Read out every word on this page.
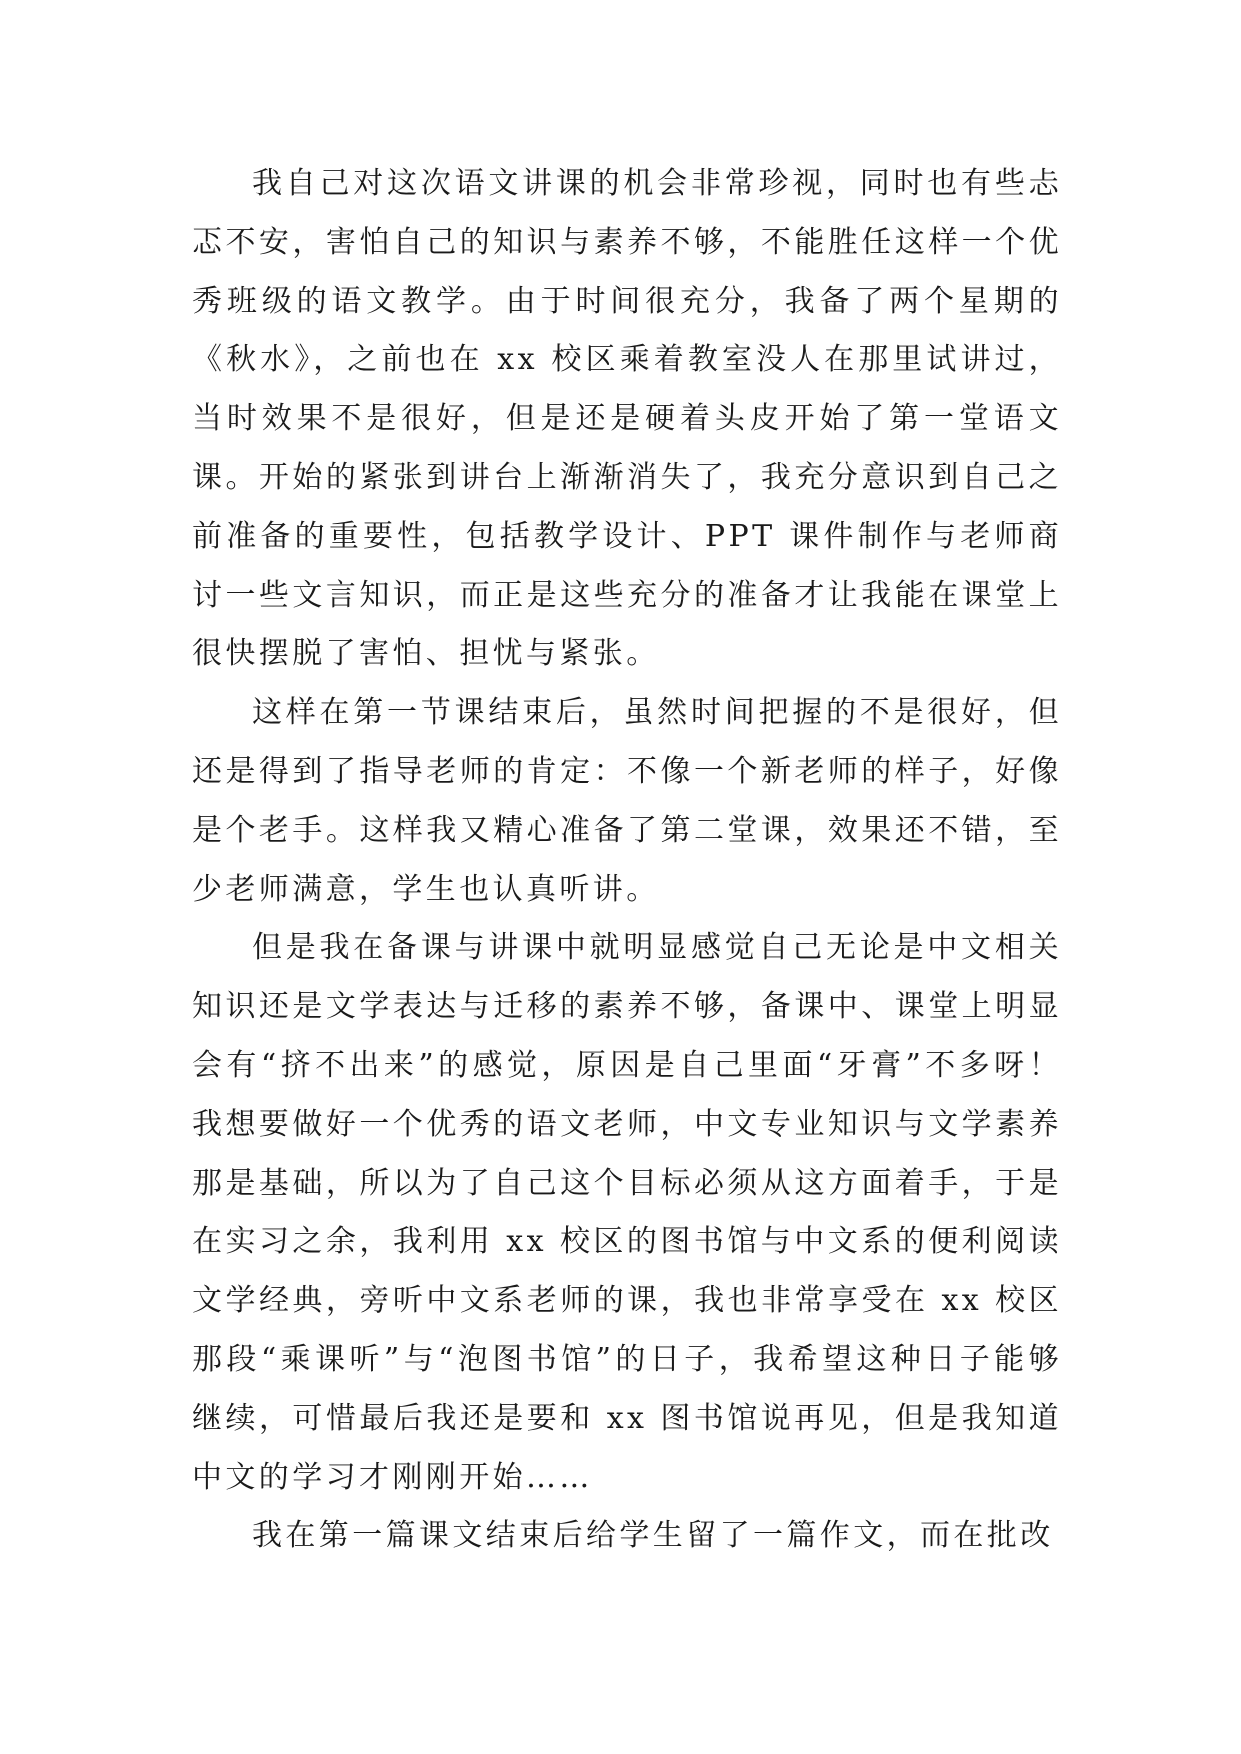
我自己对这次语文讲课的机会非常珍视，同时也有些忐忑不安，害怕自己的知识与素养不够，不能胜任这样一个优秀班级的语文教学。由于时间很充分，我备了两个星期的《秋水》，之前也在 xx 校区乘着教室没人在那里试讲过，当时效果不是很好，但是还是硬着头皮开始了第一堂语文课。开始的紧张到讲台上渐渐消失了，我充分意识到自己之前准备的重要性，包括教学设计、PPT 课件制作与老师商讨一些文言知识，而正是这些充分的准备才让我能在课堂上很快摆脱了害怕、担忧与紧张。

这样在第一节课结束后，虽然时间把握的不是很好，但还是得到了指导老师的肯定：不像一个新老师的样子，好像是个老手。这样我又精心准备了第二堂课，效果还不错，至少老师满意，学生也认真听讲。

但是我在备课与讲课中就明显感觉自己无论是中文相关知识还是文学表达与迁移的素养不够，备课中、课堂上明显会有“挤不出来”的感觉，原因是自己里面“牙膏”不多呀！我想要做好一个优秀的语文老师，中文专业知识与文学素养那是基础，所以为了自己这个目标必须从这方面着手，于是在实习之余，我利用 xx 校区的图书馆与中文系的便利阅读文学经典，旁听中文系老师的课，我也非常享受在 xx 校区那段“乘课听”与“泡图书馆”的日子，我希望这种日子能够继续，可惜最后我还是要和 xx 图书馆说再见，但是我知道中文的学习才刚刚开始……

我在第一篇课文结束后给学生留了一篇作文，而在批改
